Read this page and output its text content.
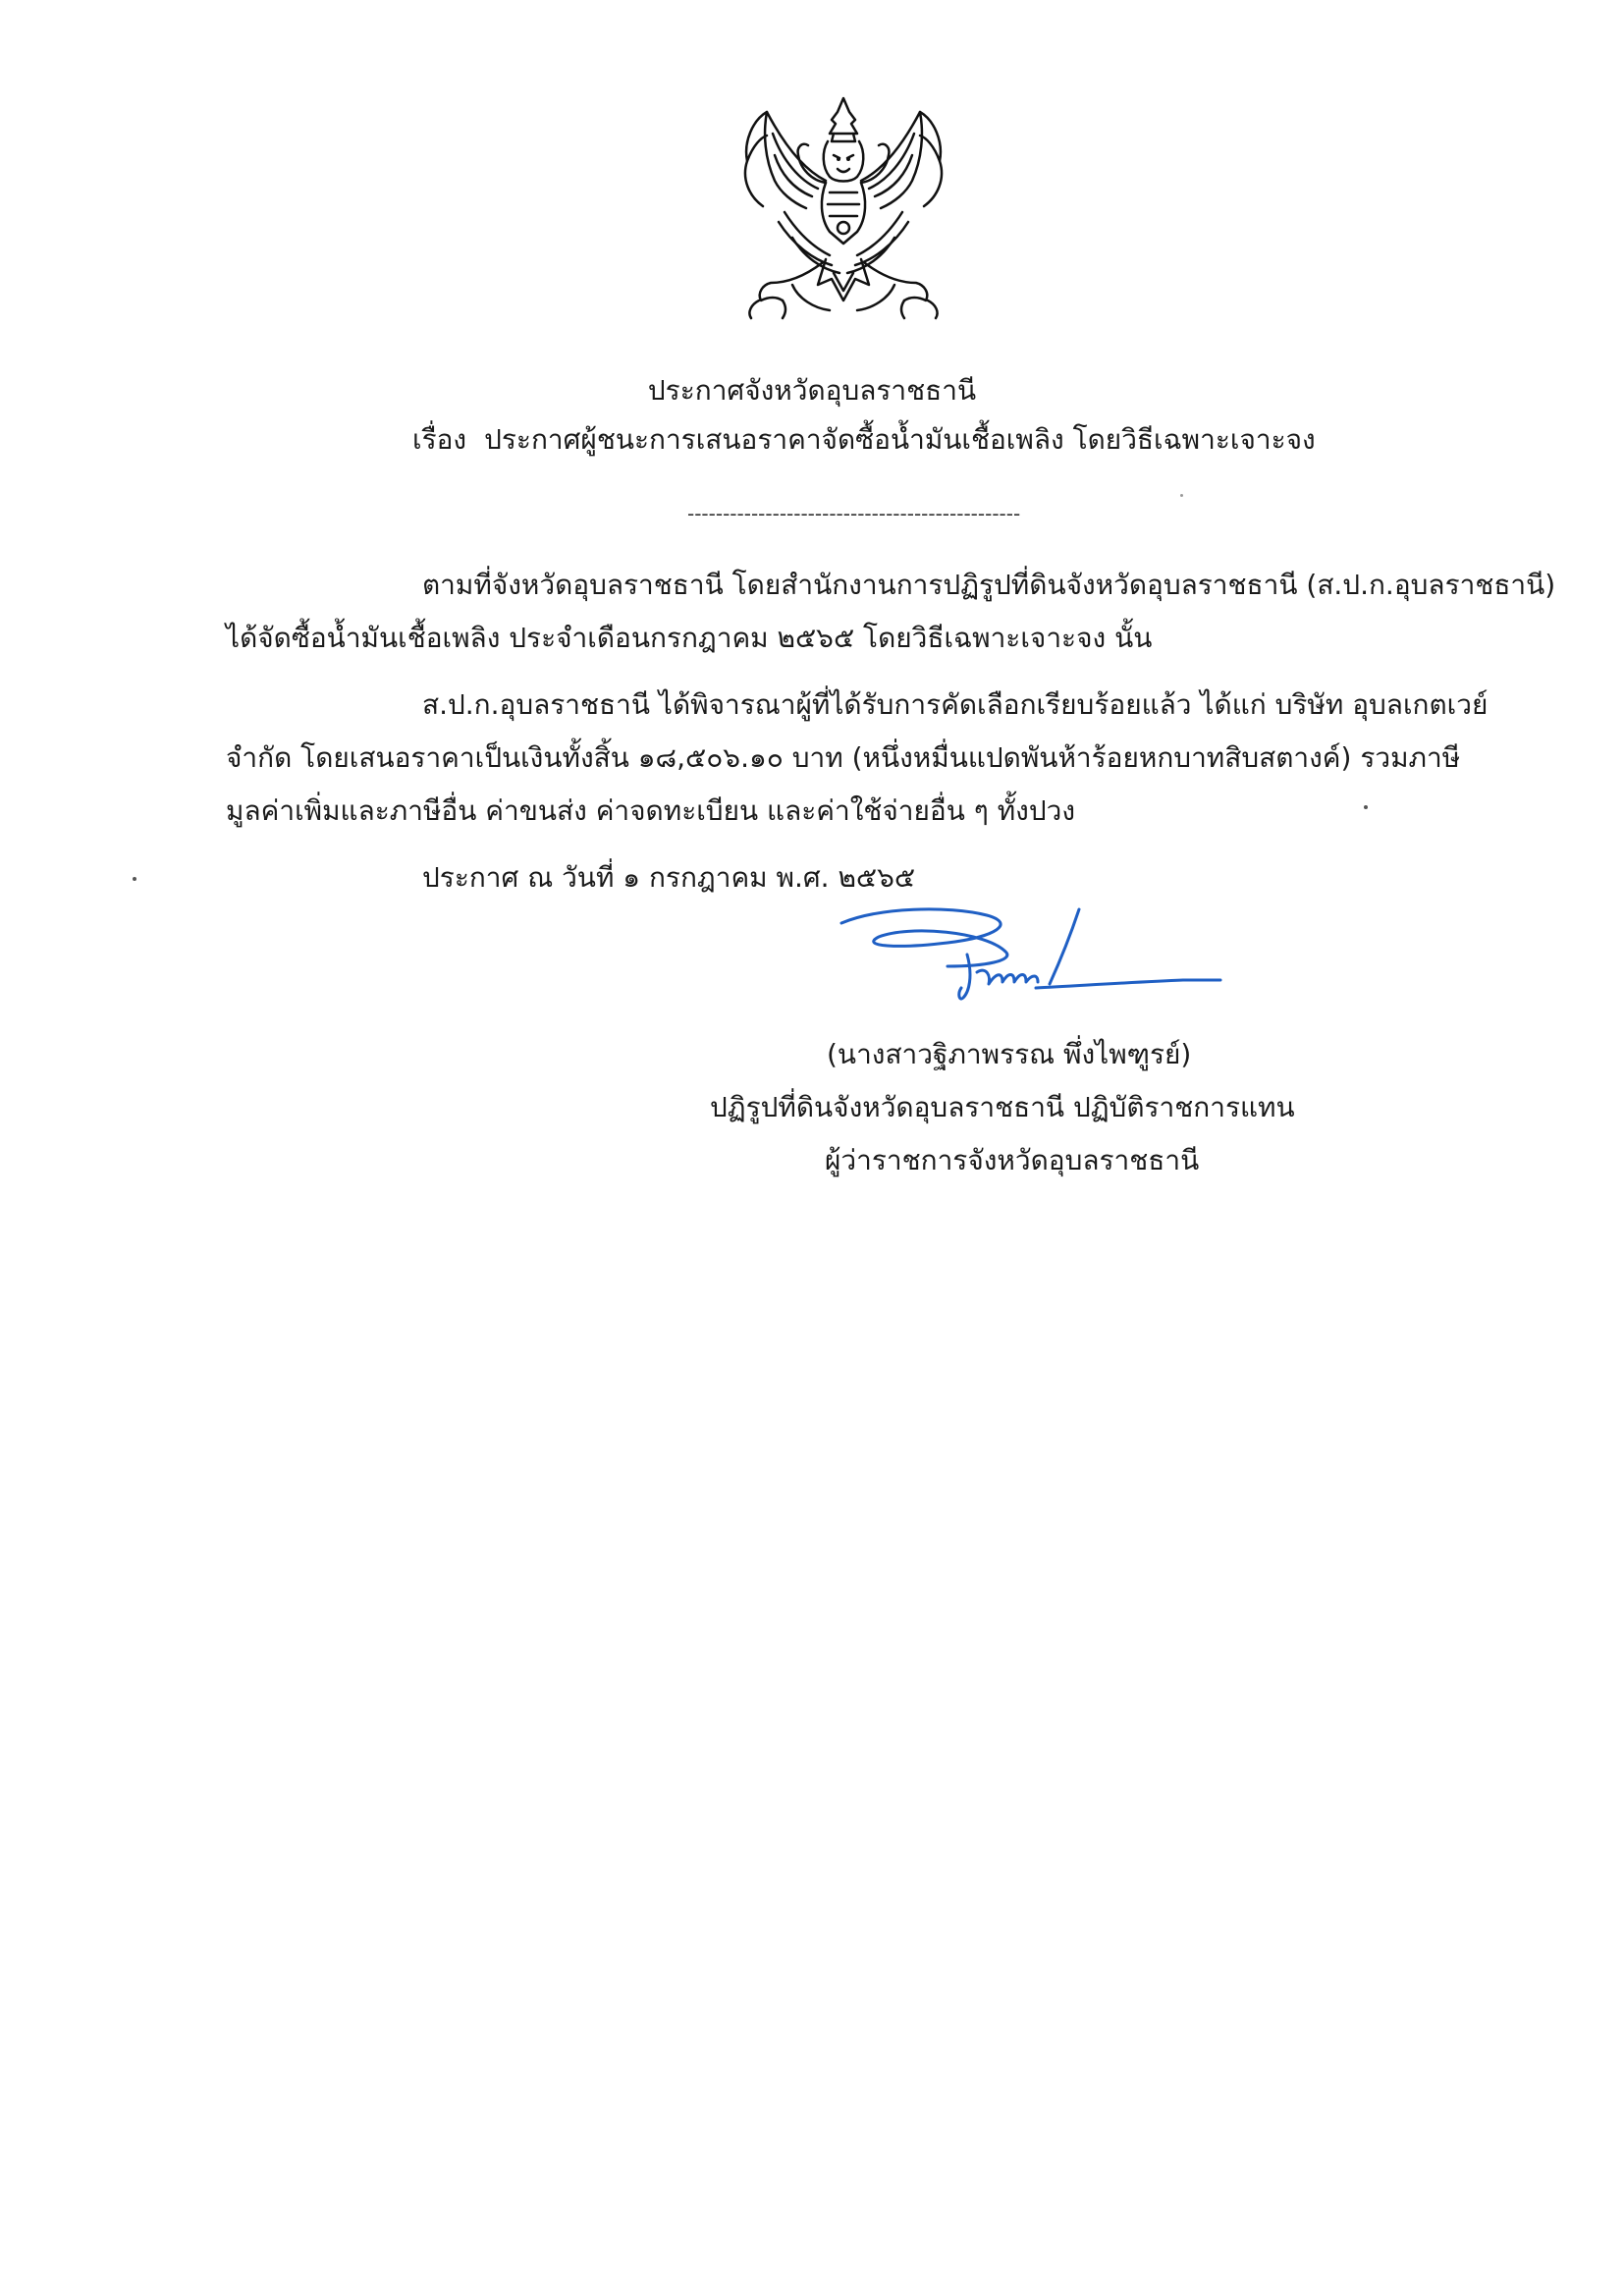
ประกาศจังหวัดอุบลราชธานี
เรื่อง ประกาศผู้ชนะการเสนอราคาจัดซื้อน้ำมันเชื้อเพลิง โดยวิธีเฉพาะเจาะจง
-----------------------------------------------
ตามที่จังหวัดอุบลราชธานี โดยสำนักงานการปฏิรูปที่ดินจังหวัดอุบลราชธานี (ส.ป.ก.อุบลราชธานี)
ได้จัดซื้อน้ำมันเชื้อเพลิง ประจำเดือนกรกฎาคม ๒๕๖๕ โดยวิธีเฉพาะเจาะจง นั้น
ส.ป.ก.อุบลราชธานี ได้พิจารณาผู้ที่ได้รับการคัดเลือกเรียบร้อยแล้ว ได้แก่ บริษัท อุบลเกตเวย์
จำกัด โดยเสนอราคาเป็นเงินทั้งสิ้น ๑๘,๕๐๖.๑๐ บาท (หนึ่งหมื่นแปดพันห้าร้อยหกบาทสิบสตางค์) รวมภาษี
มูลค่าเพิ่มและภาษีอื่น ค่าขนส่ง ค่าจดทะเบียน และค่าใช้จ่ายอื่น ๆ ทั้งปวง
ประกาศ ณ วันที่ ๑ กรกฎาคม พ.ศ. ๒๕๖๕
(นางสาวฐิภาพรรณ พึ่งไพฑูรย์)
ปฏิรูปที่ดินจังหวัดอุบลราชธานี ปฏิบัติราชการแทน
ผู้ว่าราชการจังหวัดอุบลราชธานี
